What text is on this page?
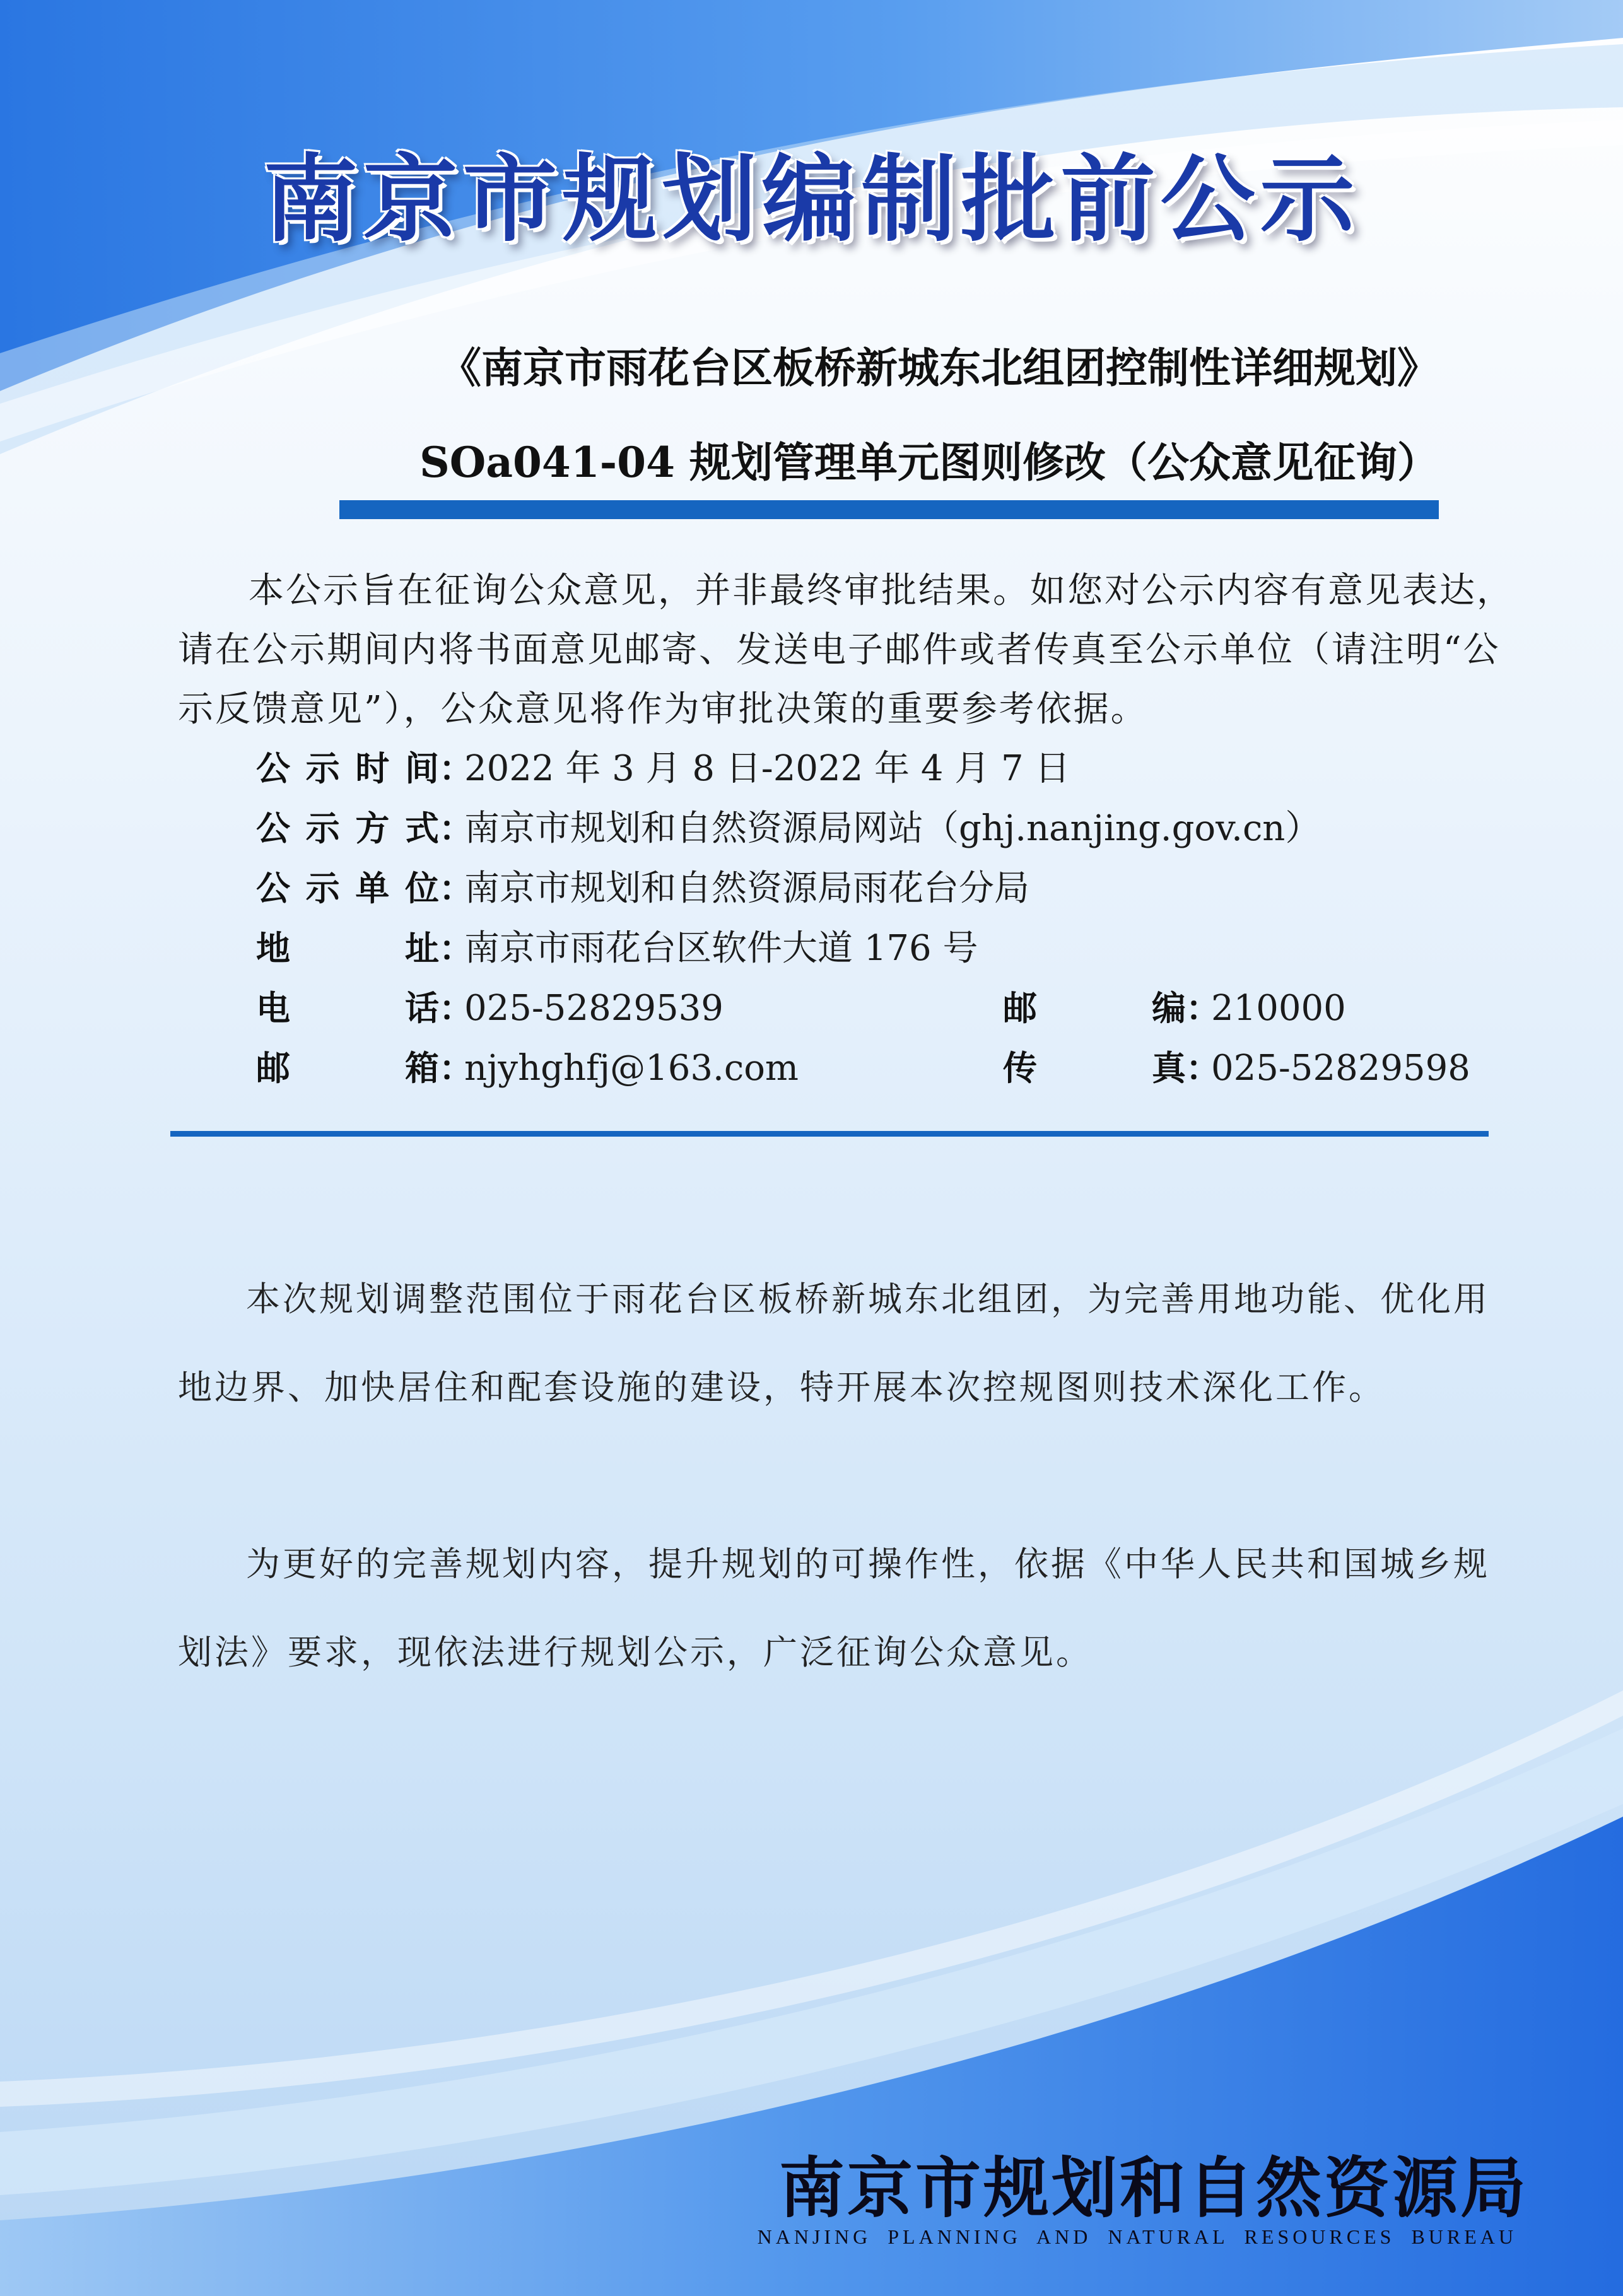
南京市规划编制批前公示
《南京市雨花台区板桥新城东北组团控制性详细规划》
SOa041-04 规划管理单元图则修改（公众意见征询）
本公示旨在征询公众意见，并非最终审批结果。如您对公示内容有意见表达，请在公示期间内将书面意见邮寄、发送电子邮件或者传真至公示单位（请注明“公示反馈意见”），公众意见将作为审批决策的重要参考依据。
公示时间：2022 年 3 月 8 日-2022 年 4 月 7 日
公示方式：南京市规划和自然资源局网站（ghj.nanjing.gov.cn）
公示单位：南京市规划和自然资源局雨花台分局
地址：南京市雨花台区软件大道 176 号
电话：025-52829539	邮编：210000
邮箱：njyhghfj@163.com	传真：025-52829598
本次规划调整范围位于雨花台区板桥新城东北组团，为完善用地功能、优化用地边界、加快居住和配套设施的建设，特开展本次控规图则技术深化工作。
为更好的完善规划内容，提升规划的可操作性，依据《中华人民共和国城乡规划法》要求，现依法进行规划公示，广泛征询公众意见。
南京市规划和自然资源局
NANJING PLANNING AND NATURAL RESOURCES BUREAU
